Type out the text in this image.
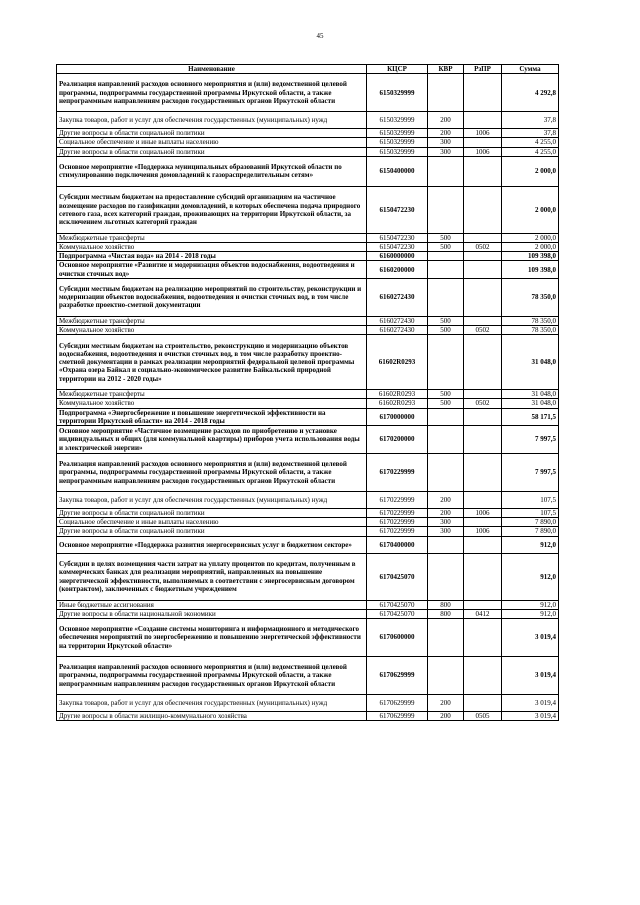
45
Наименование	КЦСР	КВР	РзПР	Сумма
Реализация направлений расходов основного мероприятия и (или) ведомственной целевой программы, подпрограммы государственной программы Иркутской области, а также непрограммным направлениям расходов государственных органов Иркутской области	6150329999			4 292,8
Закупка товаров, работ и услуг для обеспечения государственных (муниципальных) нужд	6150329999	200		37,8
Другие вопросы в области социальной политики	6150329999	200	1006	37,8
Социальное обеспечение и иные выплаты населению	6150329999	300		4 255,0
Другие вопросы в области социальной политики	6150329999	300	1006	4 255,0
Основное мероприятие «Поддержка муниципальных образований Иркутской области по стимулированию подключения домовладений к газораспределительным сетям»	6150400000			2 000,0
Субсидии местным бюджетам на предоставление субсидий организациям на частичное возмещение расходов по газификации домовладений, в которых обеспечена подача природного сетевого газа, всех категорий граждан, проживающих на территории Иркутской области, за исключением льготных категорий граждан	6150472230			2 000,0
Межбюджетные трансферты	6150472230	500		2 000,0
Коммунальное хозяйство	6150472230	500	0502	2 000,0
Подпрограмма «Чистая вода» на 2014 - 2018 годы	6160000000			109 398,0
Основное мероприятие «Развитие и модернизация объектов водоснабжения, водоотведения и очистки сточных вод»	6160200000			109 398,0
Субсидии местным бюджетам на реализацию мероприятий по строительству, реконструкции и модернизации объектов водоснабжения, водоотведения и очистки сточных вод, в том числе разработке проектно-сметной документации	6160272430			78 350,0
Межбюджетные трансферты	6160272430	500		78 350,0
Коммунальное хозяйство	6160272430	500	0502	78 350,0
Субсидии местным бюджетам на строительство, реконструкцию и модернизацию объектов водоснабжения, водоотведения и очистки сточных вод, в том числе разработку проектно-сметной документации в рамках реализации мероприятий федеральной целевой программы «Охрана озера Байкал и социально-экономическое развитие Байкальской природной территории на 2012 - 2020 годы»	61602R0293			31 048,0
Межбюджетные трансферты	61602R0293	500		31 048,0
Коммунальное хозяйство	61602R0293	500	0502	31 048,0
Подпрограмма «Энергосбережение и повышение энергетической эффективности на территории Иркутской области» на 2014 - 2018 годы	6170000000			58 171,5
Основное мероприятие «Частичное возмещение расходов по приобретению и установке индивидуальных и общих (для коммунальной квартиры) приборов учета использования воды и электрической энергии»	6170200000			7 997,5
Реализация направлений расходов основного мероприятия и (или) ведомственной целевой программы, подпрограммы государственной программы Иркутской области, а также непрограммным направлениям расходов государственных органов Иркутской области	6170229999			7 997,5
Закупка товаров, работ и услуг для обеспечения государственных (муниципальных) нужд	6170229999	200		107,5
Другие вопросы в области социальной политики	6170229999	200	1006	107,5
Социальное обеспечение и иные выплаты населению	6170229999	300		7 890,0
Другие вопросы в области социальной политики	6170229999	300	1006	7 890,0
Основное мероприятие «Поддержка развития энергосервисных услуг в бюджетном секторе»	6170400000			912,0
Субсидии в целях возмещения части затрат на уплату процентов по кредитам, полученным в коммерческих банках для реализации мероприятий, направленных на повышение энергетической эффективности, выполняемых в соответствии с энергосервисным договором (контрактом), заключенных с бюджетным учреждением	6170425070			912,0
Иные бюджетные ассигнования	6170425070	800		912,0
Другие вопросы в области национальной экономики	6170425070	800	0412	912,0
Основное мероприятие «Создание системы мониторинга и информационного и методического обеспечения мероприятий по энергосбережению и повышению энергетической эффективности на территории Иркутской области»	6170600000			3 019,4
Реализация направлений расходов основного мероприятия и (или) ведомственной целевой программы, подпрограммы государственной программы Иркутской области, а также непрограммным направлениям расходов государственных органов Иркутской области	6170629999			3 019,4
Закупка товаров, работ и услуг для обеспечения государственных (муниципальных) нужд	6170629999	200		3 019,4
Другие вопросы в области жилищно-коммунального хозяйства	6170629999	200	0505	3 019,4
